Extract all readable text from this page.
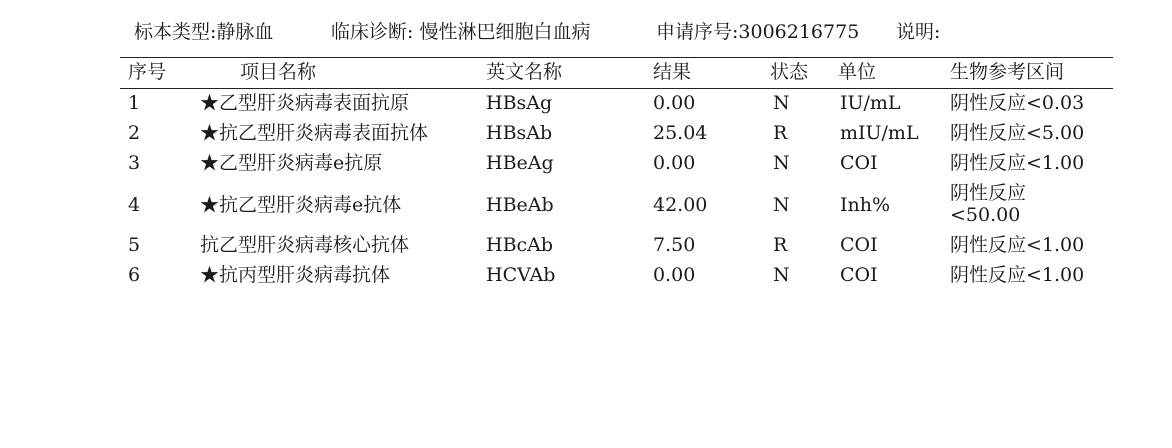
标本类型:静脉血	临床诊断: 慢性淋巴细胞白血病	申请序号:3006216775 说明:
序号	项目名称	英文名称	结果	状态 单位	生物参考区间
1	★乙型肝炎病毒表面抗原	HBsAg	0.00	N	IU/mL	阴性反应<0.03
2	★抗乙型肝炎病毒表面抗体	HBsAb	25.04	R	mIU/mL 阴性反应<5.00
3	★乙型肝炎病毒e抗原	HBeAg	0.00	N	COI	阴性反应<1.00
4	★抗乙型肝炎病毒e抗体	HBeAb	42.00	N	Inh%
阴性反应<50.00
5	抗乙型肝炎病毒核心抗体	HBcAb	7.50	R	COI	阴性反应<1.00
6	★抗丙型肝炎病毒抗体	HCVAb	0.00	N	COI	阴性反应<1.00
